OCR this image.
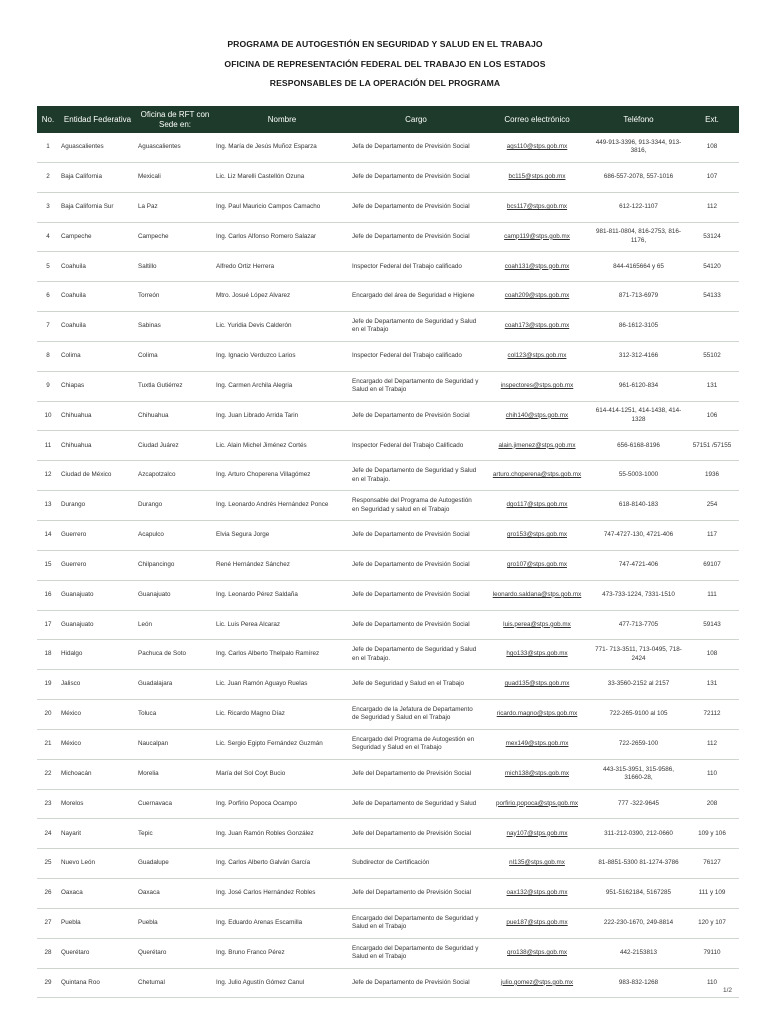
PROGRAMA DE AUTOGESTIÓN EN SEGURIDAD Y SALUD EN EL TRABAJO
OFICINA DE REPRESENTACIÓN FEDERAL DEL TRABAJO EN LOS ESTADOS
RESPONSABLES DE LA OPERACIÓN DEL PROGRAMA
No.	Entidad Federativa	Oficina de RFT con Sede en:	Nombre	Cargo	Correo electrónico	Teléfono	Ext.
1	Aguascalientes	Aguascalientes	Ing. María de Jesús Muñoz Esparza	Jefa de Departamento de Previsión Social	ags110@stps.gob.mx	449-913-3396, 913-3344, 913-3816,	108
2	Baja California	Mexicali	Lic. Liz Marelli Castellón Ozuna	Jefe de Departamento de Previsión Social	bc115@stps.gob.mx	686-557-2078, 557-1016	107
3	Baja California Sur	La Paz	Ing. Paul Mauricio Campos Camacho	Jefe de Departamento de Previsión Social	bcs117@stps.gob.mx	612-122-1107	112
4	Campeche	Campeche	Ing. Carlos Alfonso Romero Salazar	Jefe de Departamento de Previsión Social	camp119@stps.gob.mx	981-811-0804, 816-2753, 816-1176,	53124
5	Coahuila	Saltillo	Alfredo Ortiz Herrera	Inspector Federal del Trabajo calificado	coah131@stps.gob.mx	844-4165664 y 65	54120
6	Coahuila	Torreón	Mtro. Josué López Alvarez	Encargado del área de Seguridad e Higiene	coah209@stps.gob.mx	871-713-6979	54133
7	Coahuila	Sabinas	Lic. Yuridia Devis Calderón	Jefe de Departamento de Seguridad y Salud en el Trabajo	coah173@stps.gob.mx	86-1612-3105	
8	Colima	Colima	Ing. Ignacio Verduzco Larios	Inspector Federal del Trabajo calificado	col123@stps.gob.mx	312-312-4166	55102
9	Chiapas	Tuxtla Gutiérrez	Ing. Carmen Archila Alegria	Encargado del Departamento de Seguridad y Salud en el Trabajo	inspectores@stps.gob.mx	961-6120-834	131
10	Chihuahua	Chihuahua	Ing. Juan Librado Arrida Tarin	Jefe de Departamento de Previsión Social	chih140@stps.gob.mx	614-414-1251, 414-1438, 414-1328	106
11	Chihuahua	Ciudad Juárez	Lic. Alain Michel Jiménez Cortés	Inspector Federal del Trabajo Calificado	alain.jimenez@stps.gob.mx	656-6168-8196	57151 /57155
12	Ciudad de México	Azcapotzalco	Ing. Arturo Choperena Villagómez	Jefe de Departamento de Seguridad y Salud en el Trabajo.	arturo.choperena@stps.gob.mx	55-5003-1000	1936
13	Durango	Durango	Ing. Leonardo Andrés Hernández Ponce	Responsable del Programa de Autogestión en Seguridad y salud en el Trabajo	dgo117@stps.gob.mx	618-8140-183	254
14	Guerrero	Acapulco	Elvia Segura Jorge	Jefe de Departamento de Previsión Social	gro153@stps.gob.mx	747-4727-130, 4721-406	117
15	Guerrero	Chilpancingo	René Hernández Sánchez	Jefe de Departamento de Previsión Social	gro107@stps.gob.mx	747-4721-406	69107
16	Guanajuato	Guanajuato	Ing. Leonardo Pérez Saldaña	Jefe de Departamento de Previsión Social	leonardo.saldana@stps.gob.mx	473-733-1224, 7331-1510	111
17	Guanajuato	León	Lic. Luis Perea Alcaraz	Jefe de Departamento de Previsión Social	luis.perea@stps.gob.mx	477-713-7705	59143
18	Hidalgo	Pachuca de Soto	Ing. Carlos Alberto Thelpalo Ramírez	Jefe de Departamento de Seguridad y Salud en el Trabajo.	hgo133@stps.gob.mx	771- 713-3511, 713-0495, 718-2424	108
19	Jalisco	Guadalajara	Lic. Juan Ramón Aguayo Ruelas	Jefe de Seguridad y Salud en el Trabajo	guad135@stps.gob.mx	33-3560-2152 al 2157	131
20	México	Toluca	Lic. Ricardo Magno Díaz	Encargado de la Jefatura de Departamento de Seguridad y Salud en el Trabajo	ricardo.magno@stps.gob.mx	722-265-9100 al 105	72112
21	México	Naucalpan	Lic. Sergio Egipto Fernández Guzmán	Encargado del Programa de Autogestión en Seguridad y Salud en el Trabajo	mex149@stps.gob.mx	722-2659-100	112
22	Michoacán	Morelia	María del Sol Coyt Bucio	Jefe del Departamento de Previsión Social	mich138@stps.gob.mx	443-315-3951, 315-9586, 31660-28,	110
23	Morelos	Cuernavaca	Ing. Porfirio Popoca Ocampo	Jefe de Departamento de Seguridad y Salud	porfirio.popoca@stps.gob.mx	777 -322-9645	208
24	Nayarit	Tepic	Ing. Juan Ramón Robles González	Jefe del Departamento de Previsión Social	nay107@stps.gob.mx	311-212-0390, 212-0660	109 y 106
25	Nuevo León	Guadalupe	Ing. Carlos Alberto Galván García	Subdirector de Certificación	nl135@stps.gob.mx	81-8851-5300 81-1274-3786	76127
26	Oaxaca	Oaxaca	Ing. José Carlos Hernández Robles	Jefe del Departamento de Previsión Social	oax132@stps.gob.mx	951-5162184, 5167285	111 y 109
27	Puebla	Puebla	Ing. Eduardo Arenas Escamilla	Encargado del Departamento de Seguridad y Salud en el Trabajo	pue187@stps.gob.mx	222-230-1670, 249-8814	120 y 107
28	Querétaro	Querétaro	Ing. Bruno Franco Pérez	Encargado del Departamento de Seguridad y Salud en el Trabajo	qro138@stps.gob.mx	442-2153813	79110
29	Quintana Roo	Chetumal	Ing. Julio Agustín Gómez Canul	Jefe de Departamento de Previsión Social	julio.gomez@stps.gob.mx	983-832-1268	110
1/2
